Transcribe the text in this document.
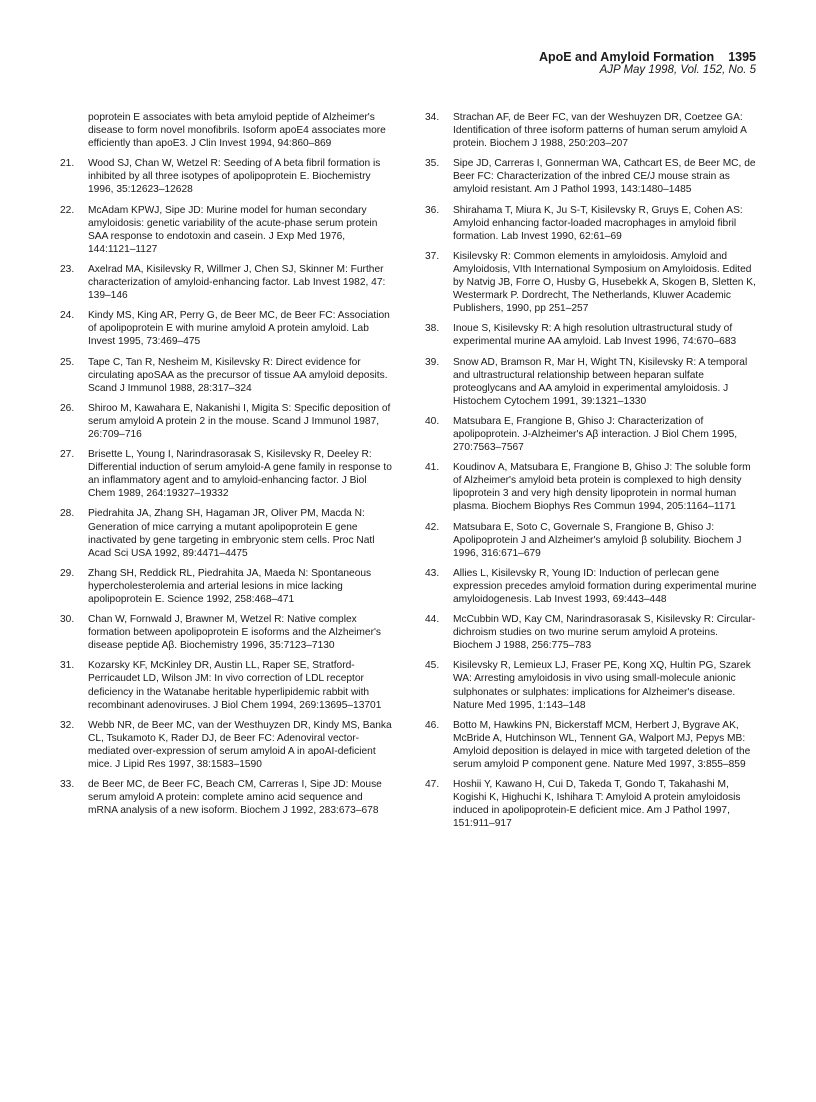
ApoE and Amyloid Formation 1395
AJP May 1998, Vol. 152, No. 5
poprotein E associates with beta amyloid peptide of Alzheimer's disease to form novel monofibrils. Isoform apoE4 associates more efficiently than apoE3. J Clin Invest 1994, 94:860–869
21. Wood SJ, Chan W, Wetzel R: Seeding of A beta fibril formation is inhibited by all three isotypes of apolipoprotein E. Biochemistry 1996, 35:12623–12628
22. McAdam KPWJ, Sipe JD: Murine model for human secondary amyloidosis: genetic variability of the acute-phase serum protein SAA response to endotoxin and casein. J Exp Med 1976, 144:1121–1127
23. Axelrad MA, Kisilevsky R, Willmer J, Chen SJ, Skinner M: Further characterization of amyloid-enhancing factor. Lab Invest 1982, 47: 139–146
24. Kindy MS, King AR, Perry G, de Beer MC, de Beer FC: Association of apolipoprotein E with murine amyloid A protein amyloid. Lab Invest 1995, 73:469–475
25. Tape C, Tan R, Nesheim M, Kisilevsky R: Direct evidence for circulating apoSAA as the precursor of tissue AA amyloid deposits. Scand J Immunol 1988, 28:317–324
26. Shiroo M, Kawahara E, Nakanishi I, Migita S: Specific deposition of serum amyloid A protein 2 in the mouse. Scand J Immunol 1987, 26:709–716
27. Brisette L, Young I, Narindrasorasak S, Kisilevsky R, Deeley R: Differential induction of serum amyloid-A gene family in response to an inflammatory agent and to amyloid-enhancing factor. J Biol Chem 1989, 264:19327–19332
28. Piedrahita JA, Zhang SH, Hagaman JR, Oliver PM, Macda N: Generation of mice carrying a mutant apolipoprotein E gene inactivated by gene targeting in embryonic stem cells. Proc Natl Acad Sci USA 1992, 89:4471–4475
29. Zhang SH, Reddick RL, Piedrahita JA, Maeda N: Spontaneous hypercholesterolemia and arterial lesions in mice lacking apolipoprotein E. Science 1992, 258:468–471
30. Chan W, Fornwald J, Brawner M, Wetzel R: Native complex formation between apolipoprotein E isoforms and the Alzheimer's disease peptide Aβ. Biochemistry 1996, 35:7123–7130
31. Kozarsky KF, McKinley DR, Austin LL, Raper SE, Stratford-Perricaudet LD, Wilson JM: In vivo correction of LDL receptor deficiency in the Watanabe heritable hyperlipidemic rabbit with recombinant adenoviruses. J Biol Chem 1994, 269:13695–13701
32. Webb NR, de Beer MC, van der Westhuyzen DR, Kindy MS, Banka CL, Tsukamoto K, Rader DJ, de Beer FC: Adenoviral vector-mediated over-expression of serum amyloid A in apoAI-deficient mice. J Lipid Res 1997, 38:1583–1590
33. de Beer MC, de Beer FC, Beach CM, Carreras I, Sipe JD: Mouse serum amyloid A protein: complete amino acid sequence and mRNA analysis of a new isoform. Biochem J 1992, 283:673–678
34. Strachan AF, de Beer FC, van der Weshuyzen DR, Coetzee GA: Identification of three isoform patterns of human serum amyloid A protein. Biochem J 1988, 250:203–207
35. Sipe JD, Carreras I, Gonnerman WA, Cathcart ES, de Beer MC, de Beer FC: Characterization of the inbred CE/J mouse strain as amyloid resistant. Am J Pathol 1993, 143:1480–1485
36. Shirahama T, Miura K, Ju S-T, Kisilevsky R, Gruys E, Cohen AS: Amyloid enhancing factor-loaded macrophages in amyloid fibril formation. Lab Invest 1990, 62:61–69
37. Kisilevsky R: Common elements in amyloidosis. Amyloid and Amyloidosis, VIth International Symposium on Amyloidosis. Edited by Natvig JB, Forre O, Husby G, Husebekk A, Skogen B, Sletten K, Westermark P. Dordrecht, The Netherlands, Kluwer Academic Publishers, 1990, pp 251–257
38. Inoue S, Kisilevsky R: A high resolution ultrastructural study of experimental murine AA amyloid. Lab Invest 1996, 74:670–683
39. Snow AD, Bramson R, Mar H, Wight TN, Kisilevsky R: A temporal and ultrastructural relationship between heparan sulfate proteoglycans and AA amyloid in experimental amyloidosis. J Histochem Cytochem 1991, 39:1321–1330
40. Matsubara E, Frangione B, Ghiso J: Characterization of apolipoprotein. J-Alzheimer's Aβ interaction. J Biol Chem 1995, 270:7563–7567
41. Koudinov A, Matsubara E, Frangione B, Ghiso J: The soluble form of Alzheimer's amyloid beta protein is complexed to high density lipoprotein 3 and very high density lipoprotein in normal human plasma. Biochem Biophys Res Commun 1994, 205:1164–1171
42. Matsubara E, Soto C, Governale S, Frangione B, Ghiso J: Apolipoprotein J and Alzheimer's amyloid β solubility. Biochem J 1996, 316:671–679
43. Allies L, Kisilevsky R, Young ID: Induction of perlecan gene expression precedes amyloid formation during experimental murine amyloidogenesis. Lab Invest 1993, 69:443–448
44. McCubbin WD, Kay CM, Narindrasorasak S, Kisilevsky R: Circular-dichroism studies on two murine serum amyloid A proteins. Biochem J 1988, 256:775–783
45. Kisilevsky R, Lemieux LJ, Fraser PE, Kong XQ, Hultin PG, Szarek WA: Arresting amyloidosis in vivo using small-molecule anionic sulphonates or sulphates: implications for Alzheimer's disease. Nature Med 1995, 1:143–148
46. Botto M, Hawkins PN, Bickerstaff MCM, Herbert J, Bygrave AK, McBride A, Hutchinson WL, Tennent GA, Walport MJ, Pepys MB: Amyloid deposition is delayed in mice with targeted deletion of the serum amyloid P component gene. Nature Med 1997, 3:855–859
47. Hoshii Y, Kawano H, Cui D, Takeda T, Gondo T, Takahashi M, Kogishi K, Highuchi K, Ishihara T: Amyloid A protein amyloidosis induced in apolipoprotein-E deficient mice. Am J Pathol 1997, 151:911–917
